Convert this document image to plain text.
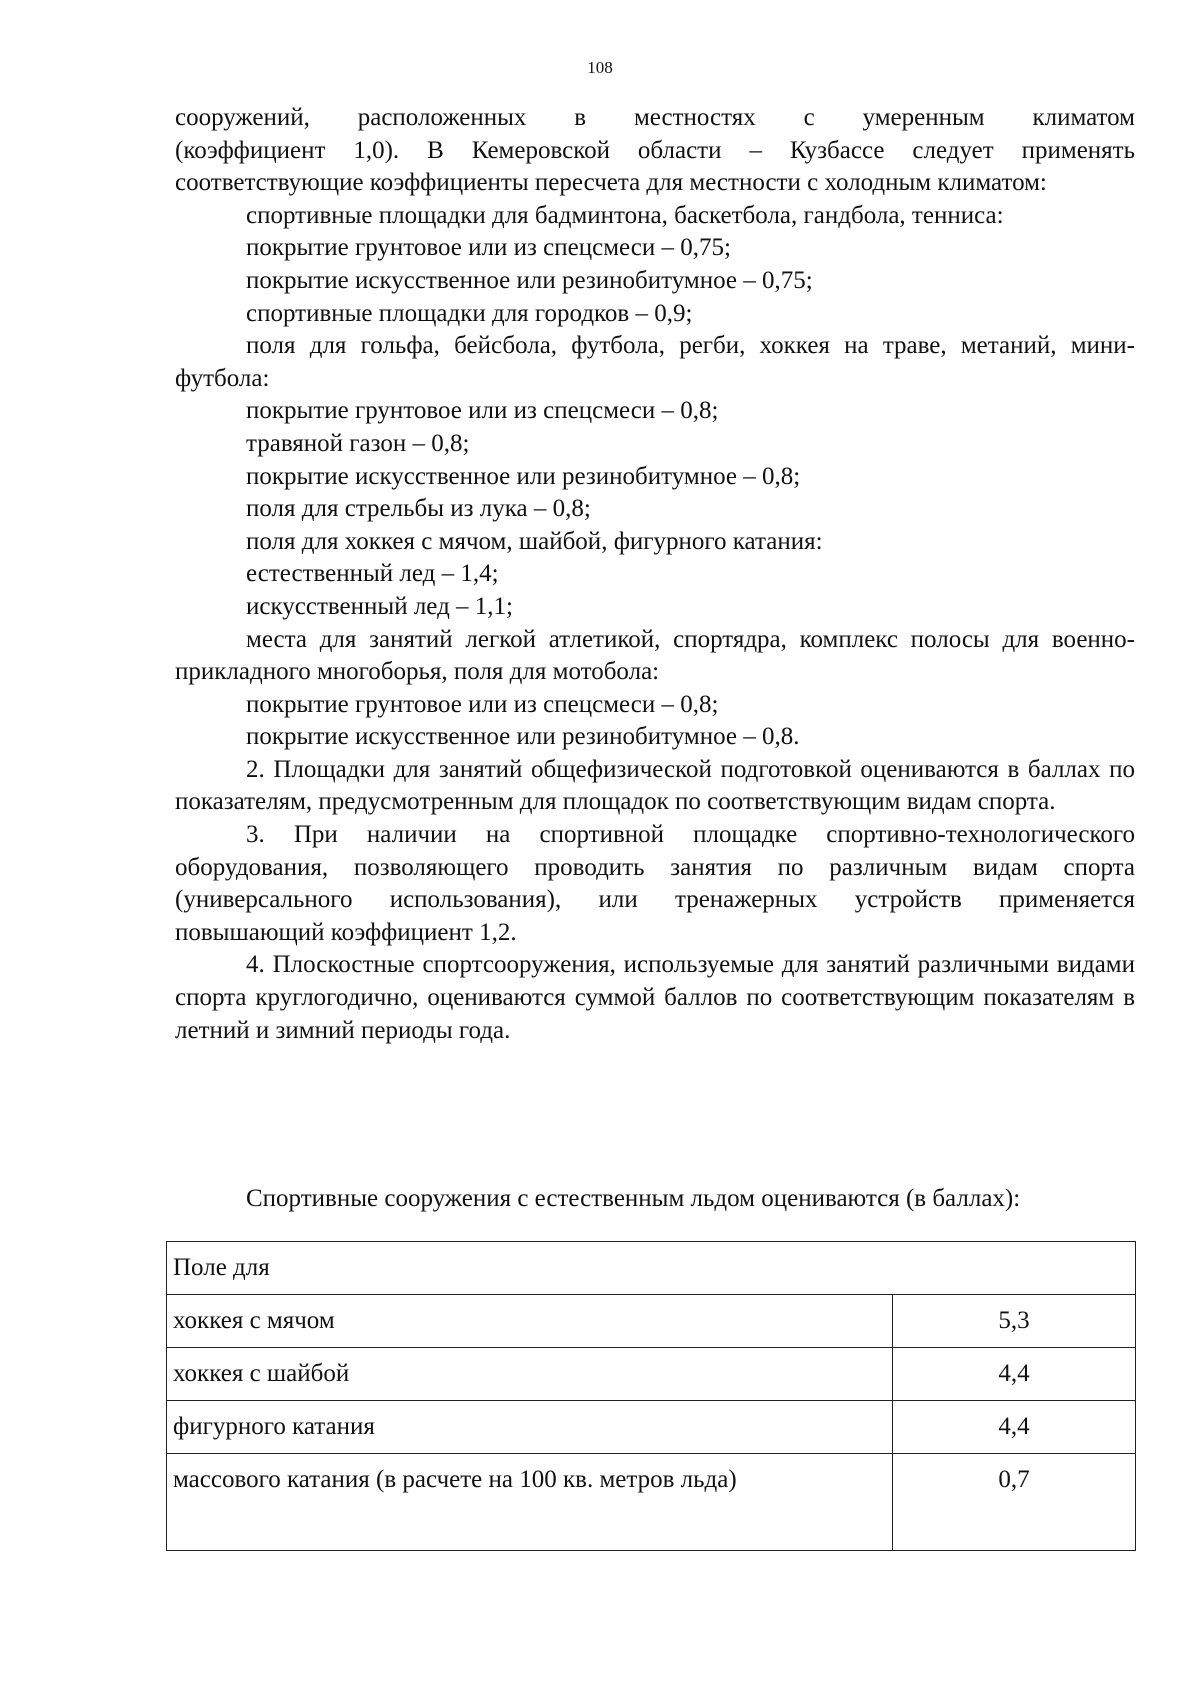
108

сооружений, расположенных в местностях с умеренным климатом

(коэффициент 1,0). В Кемеровской области – Кузбассе следует применять соответствующие коэффициенты пересчета для местности с холодным климатом:

спортивные площадки для бадминтона, баскетбола, гандбола, тенниса:

покрытие грунтовое или из спецсмеси – 0,75;

покрытие искусственное или резинобитумное – 0,75;

спортивные площадки для городков – 0,9;

поля для гольфа, бейсбола, футбола, регби, хоккея на траве, метаний, мини-футбола:

покрытие грунтовое или из спецсмеси – 0,8;

травяной газон – 0,8;

покрытие искусственное или резинобитумное – 0,8;

поля для стрельбы из лука – 0,8;

поля для хоккея с мячом, шайбой, фигурного катания:

естественный лед – 1,4;

искусственный лед – 1,1;

места для занятий легкой атлетикой, спортядра, комплекс полосы для военно-прикладного многоборья, поля для мотобола:

покрытие грунтовое или из спецсмеси – 0,8;

покрытие искусственное или резинобитумное – 0,8.

2. Площадки для занятий общефизической подготовкой оцениваются в баллах по показателям, предусмотренным для площадок по соответствующим видам спорта.

3. При наличии на спортивной площадке спортивно-технологического оборудования, позволяющего проводить занятия по различным видам спорта (универсального использования), или тренажерных устройств применяется повышающий коэффициент 1,2.

4. Плоскостные спортсооружения, используемые для занятий различными видами спорта круглогодично, оцениваются суммой баллов по соответствующим показателям в летний и зимний периоды года.

Спортивные сооружения с естественным льдом оцениваются (в баллах):
Поле для	
хоккея с мячом	5,3
хоккея с шайбой	4,4
фигурного катания	4,4
массового катания (в расчете на 100 кв. метров льда)	0,7
